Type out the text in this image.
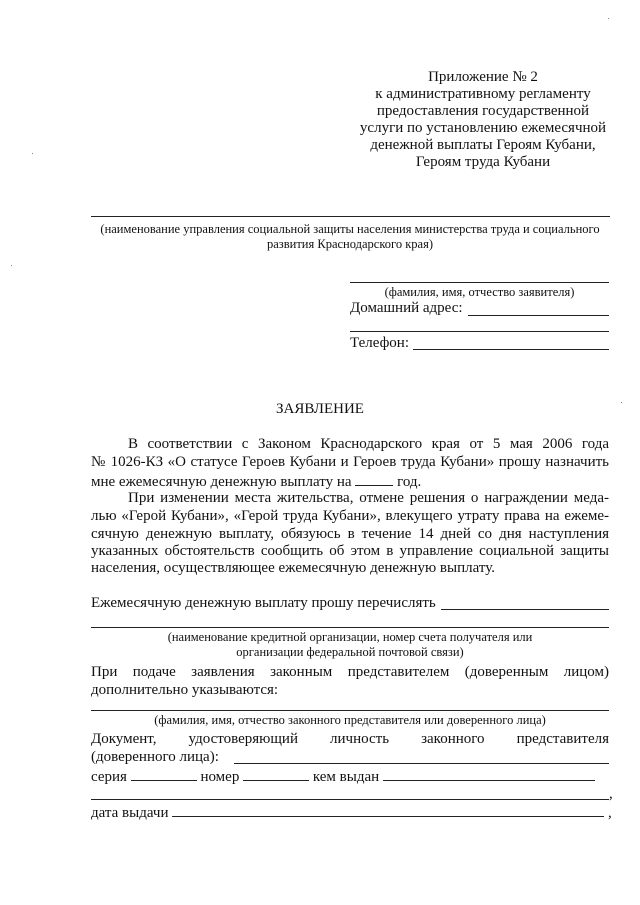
Приложение № 2
к административному регламенту
предоставления государственной
услуги по установлению ежемесячной
денежной выплаты Героям Кубани,
Героям труда Кубани
(наименование управления социальной защиты населения министерства труда и социального
развития Краснодарского края)
(фамилия, имя, отчество заявителя)
Домашний адрес:
Телефон:
ЗАЯВЛЕНИЕ
В соответствии с Законом Краснодарского края от 5 мая 2006 года
№ 1026-КЗ «О статусе Героев Кубани и Героев труда Кубани» прошу назначить
мне ежемесячную денежную выплату на	год.
При изменении места жительства, отмене решения о награждении меда-
лью «Герой Кубани», «Герой труда Кубани», влекущего утрату права на ежеме-
сячную денежную выплату, обязуюсь в течение 14 дней со дня наступления
указанных обстоятельств сообщить об этом в управление социальной защиты
населения, осуществляющее ежемесячную денежную выплату.
Ежемесячную денежную выплату прошу перечислять
(наименование кредитной организации, номер счета получателя или
организации федеральной почтовой связи)
При подаче заявления законным представителем (доверенным лицом)
дополнительно указываются:
(фамилия, имя, отчество законного представителя или доверенного лица)
Документ, удостоверяющий личность законного представителя
(доверенного лица):
серия	номер	кем выдан
,
дата выдачи	,
